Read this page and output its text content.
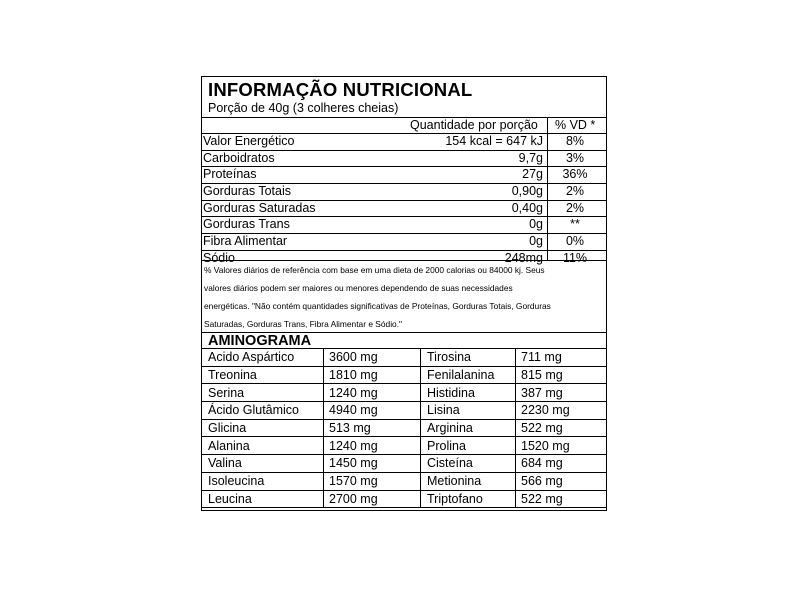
INFORMAÇÃO NUTRICIONAL
Porção de 40g (3 colheres cheias)
Quantidade por porção % VD *
Valor Energético	154 kcal = 647 kJ	8%
Carboidratos	9,7g	3%
Proteínas	27g	36%
Gorduras Totais	0,90g	2%
Gorduras Saturadas	0,40g	2%
Gorduras Trans	0g	**
Fibra Alimentar	0g	0%
Sódio	248mg	11%
% Valores diários de referência com base em uma dieta de 2000 calorias ou 84000 kj. Seus
valores diários podem ser maiores ou menores dependendo de suas necessidades
energéticas. "Não contém quantidades significativas de Proteínas, Gorduras Totais, Gorduras
Saturadas, Gorduras Trans, Fibra Alimentar e Sódio."
AMINOGRAMA
Acido Aspártico	3600 mg	Tirosina	711 mg
Treonina	1810 mg	Fenilalanina	815 mg
Serina	1240 mg	Histidina	387 mg
Ácido Glutâmico	4940 mg	Lisina	2230 mg
Glicina	513 mg	Arginina	522 mg
Alanina	1240 mg	Prolina	1520 mg
Valina	1450 mg	Cisteína	684 mg
Isoleucina	1570 mg	Metionina	566 mg
Leucina	2700 mg	Triptofano	522 mg
